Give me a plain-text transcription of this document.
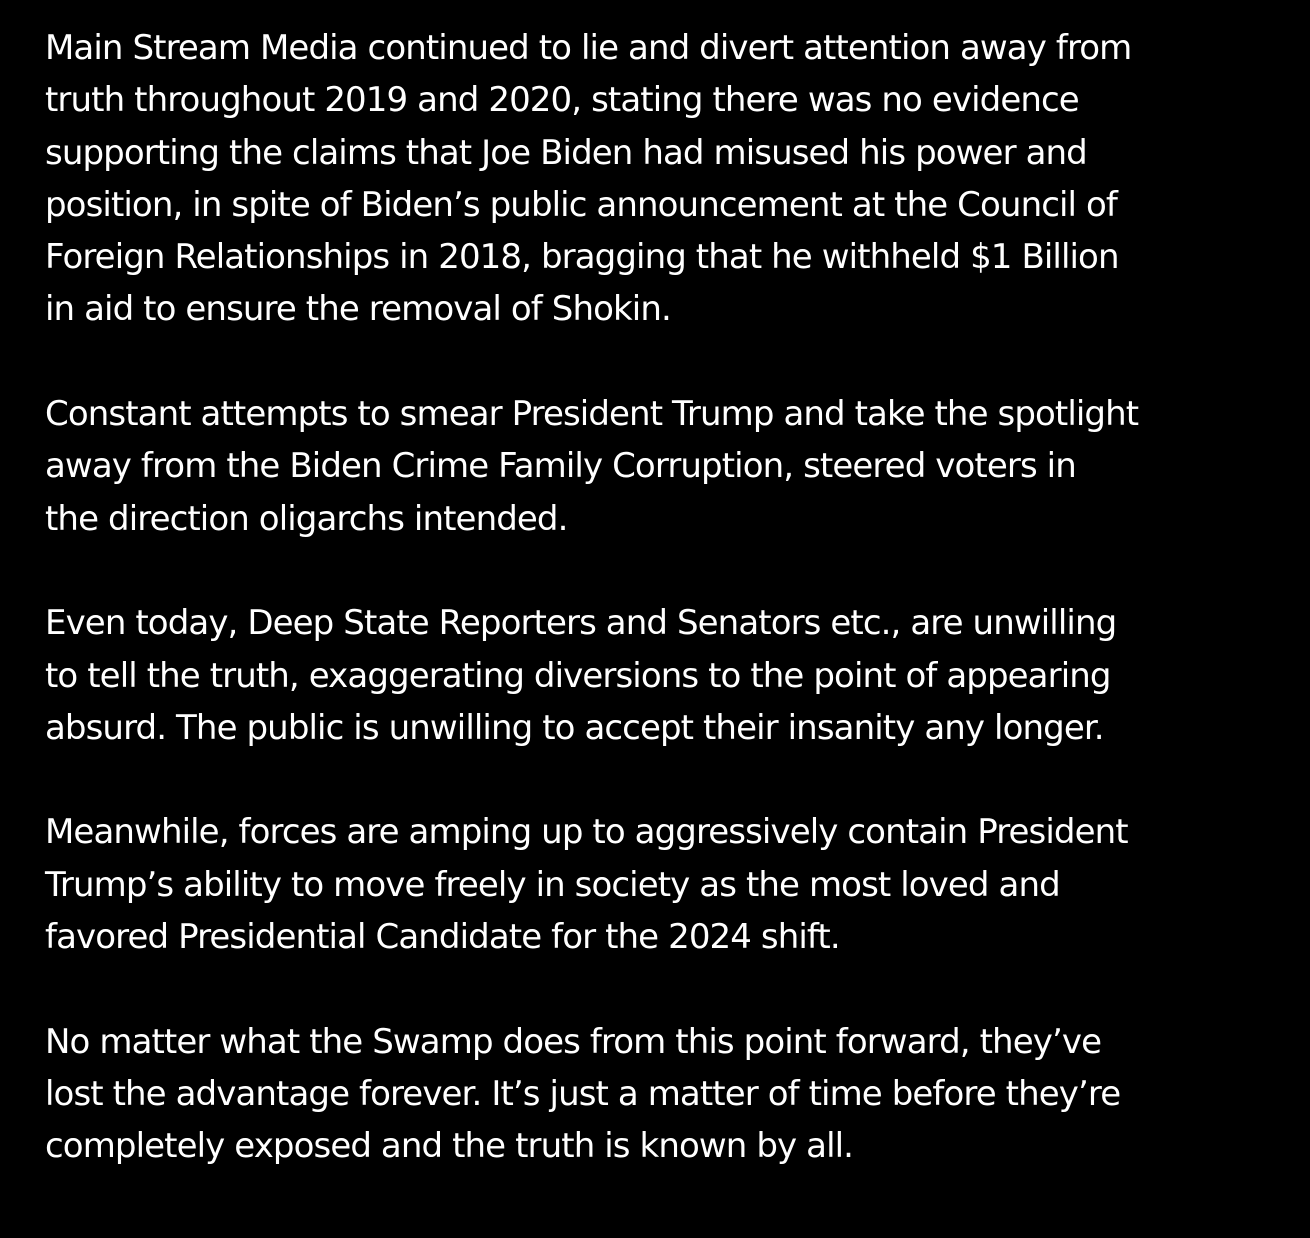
Main Stream Media continued to lie and divert attention away from
truth throughout 2019 and 2020, stating there was no evidence
supporting the claims that Joe Biden had misused his power and
position, in spite of Biden’s public announcement at the Council of
Foreign Relationships in 2018, bragging that he withheld $1 Billion
in aid to ensure the removal of Shokin.

Constant attempts to smear President Trump and take the spotlight
away from the Biden Crime Family Corruption, steered voters in
the direction oligarchs intended.

Even today, Deep State Reporters and Senators etc., are unwilling
to tell the truth, exaggerating diversions to the point of appearing
absurd. The public is unwilling to accept their insanity any longer.

Meanwhile, forces are amping up to aggressively contain President
Trump’s ability to move freely in society as the most loved and
favored Presidential Candidate for the 2024 shift.

No matter what the Swamp does from this point forward, they’ve
lost the advantage forever. It’s just a matter of time before they’re
completely exposed and the truth is known by all.
